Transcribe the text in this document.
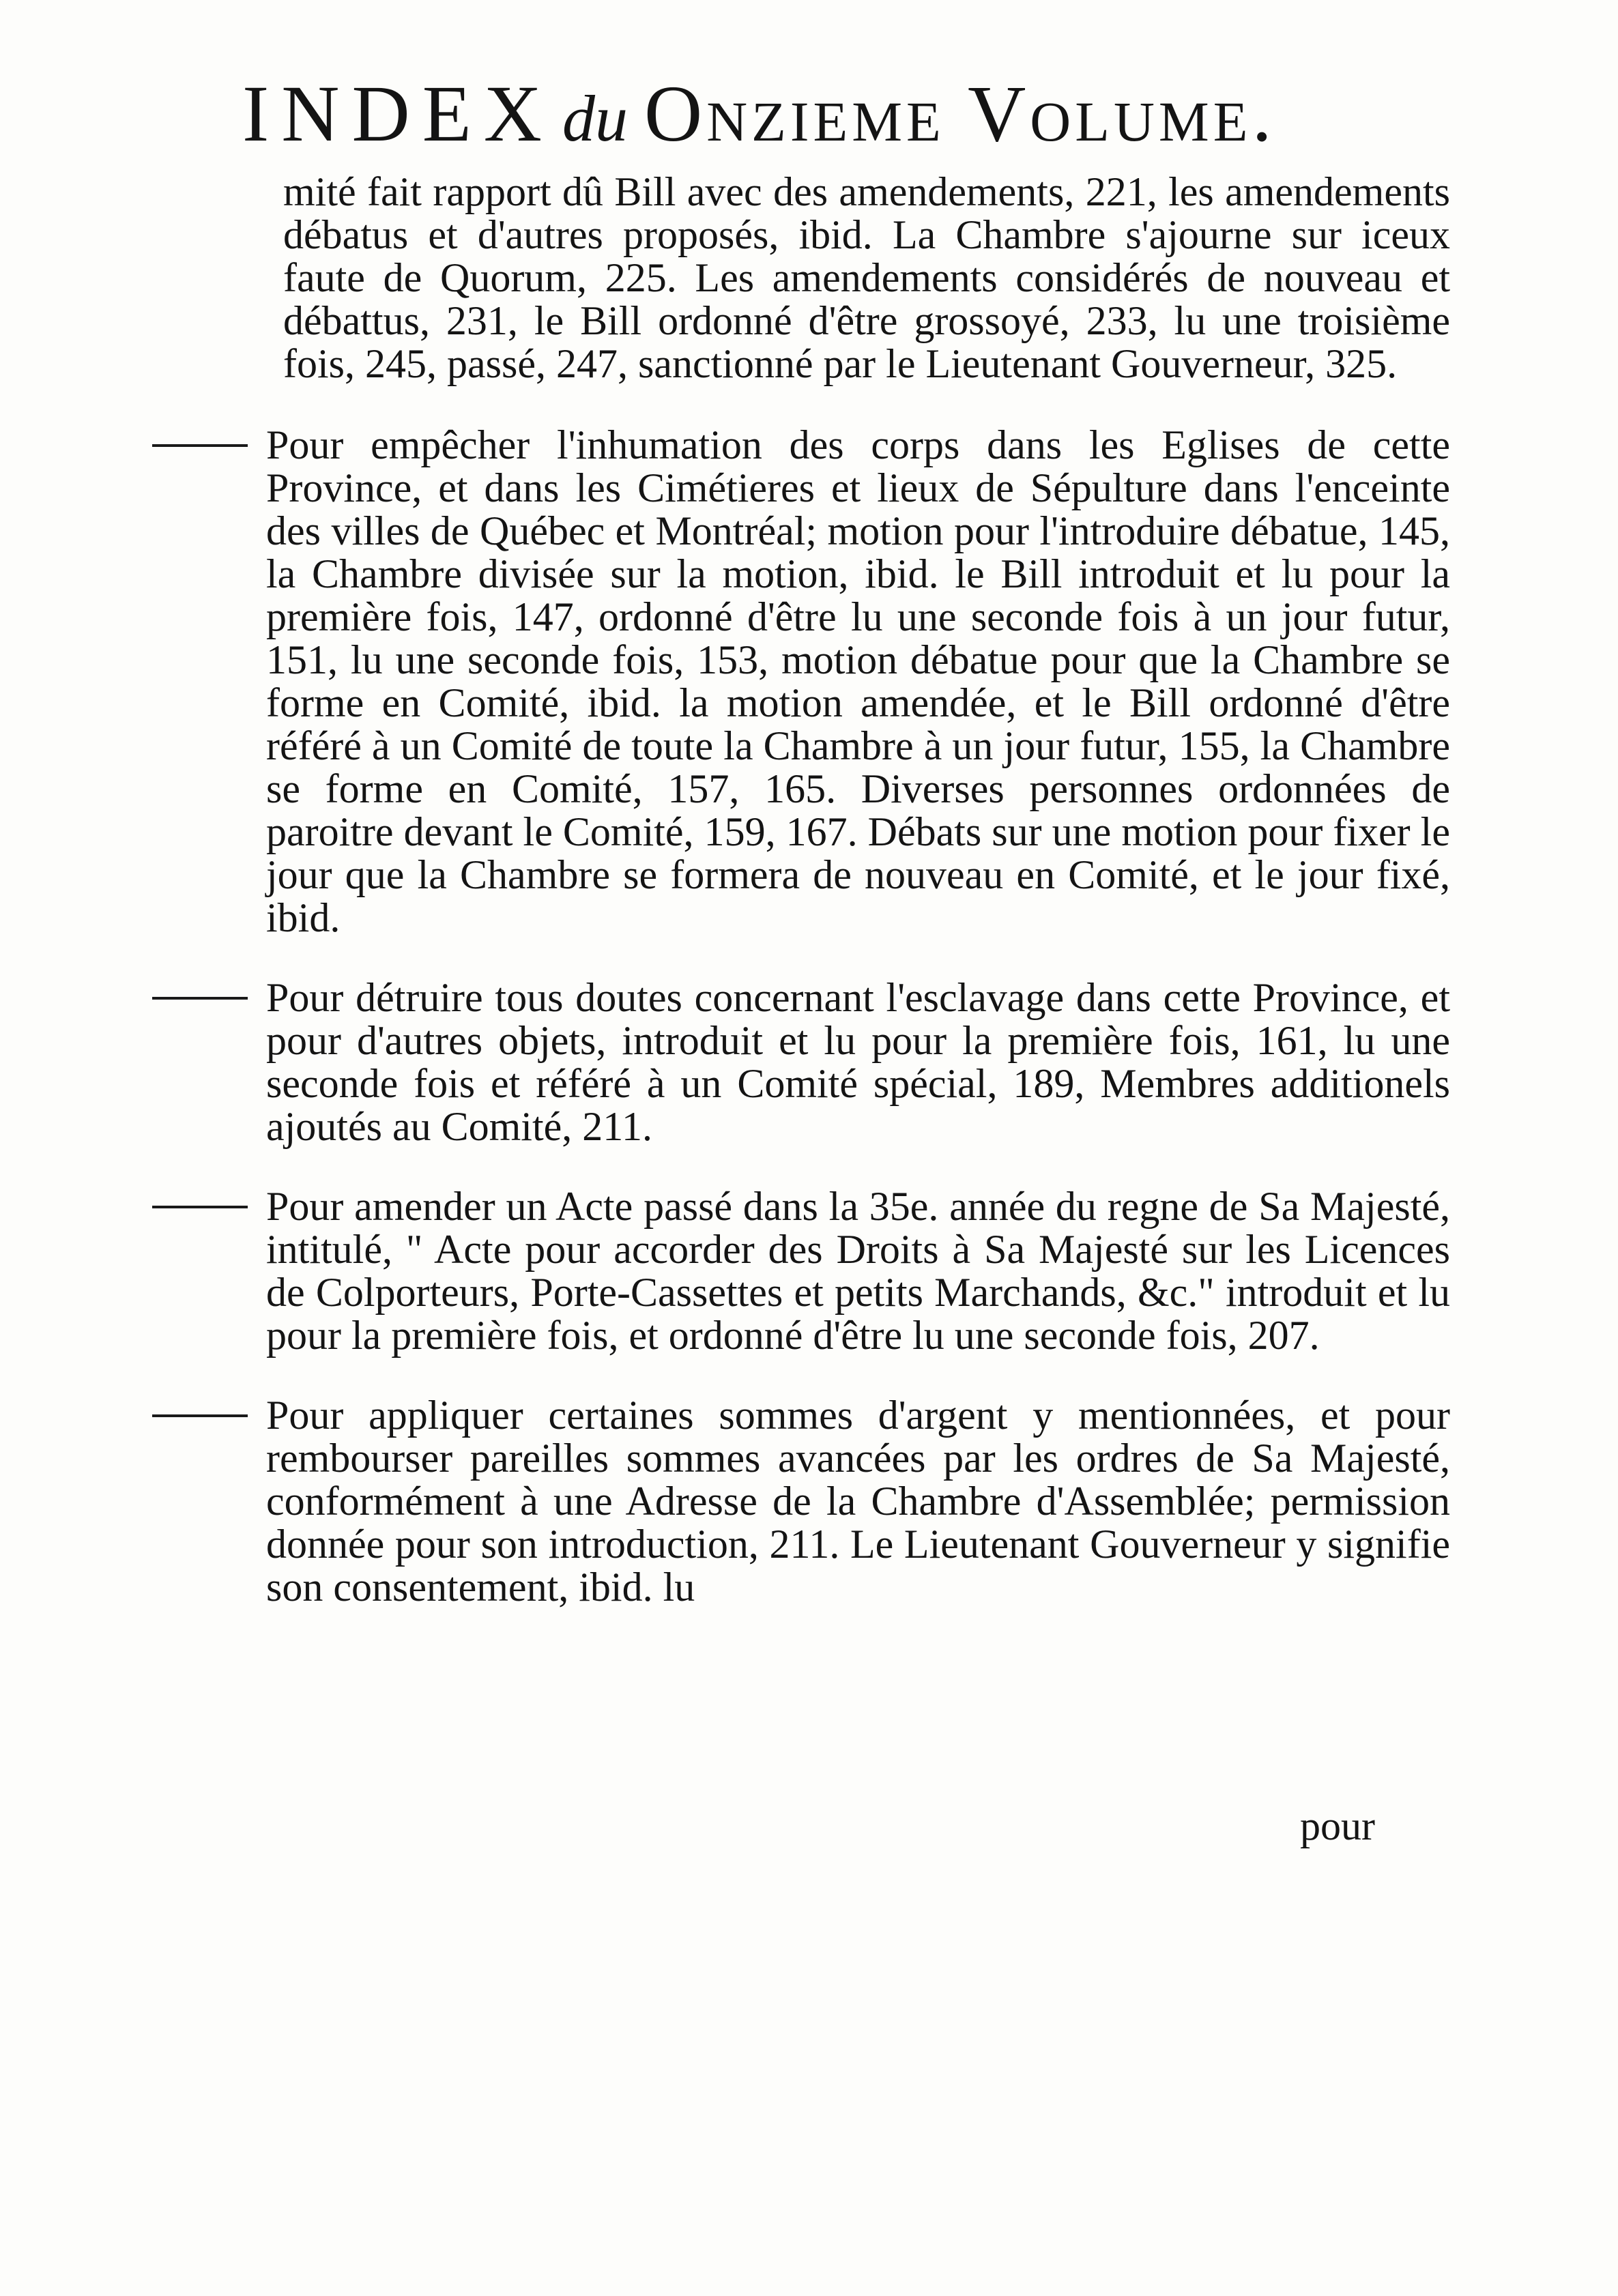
INDEX du Onzieme Volume.
mité fait rapport dû Bill avec des amendements, 221, les amendements débatus et d'autres proposés, ibid. La Chambre s'ajourne sur iceux faute de Quorum, 225. Les amendements considérés de nouveau et débattus, 231, le Bill ordonné d'être grossoyé, 233, lu une troisième fois, 245, passé, 247, sanctionné par le Lieutenant Gouverneur, 325.
Pour empêcher l'inhumation des corps dans les Eglises de cette Province, et dans les Cimétieres et lieux de Sépulture dans l'enceinte des villes de Québec et Montréal; motion pour l'introduire débatue, 145, la Chambre divisée sur la motion, ibid. le Bill introduit et lu pour la première fois, 147, ordonné d'être lu une seconde fois à un jour futur, 151, lu une seconde fois, 153, motion débatue pour que la Chambre se forme en Comité, ibid. la motion amendée, et le Bill ordonné d'être référé à un Comité de toute la Chambre à un jour futur, 155, la Chambre se forme en Comité, 157, 165. Diverses personnes ordonnées de paroitre devant le Comité, 159, 167. Débats sur une motion pour fixer le jour que la Chambre se formera de nouveau en Comité, et le jour fixé, ibid.
Pour détruire tous doutes concernant l'esclavage dans cette Province, et pour d'autres objets, introduit et lu pour la première fois, 161, lu une seconde fois et référé à un Comité spécial, 189, Membres additionels ajoutés au Comité, 211.
Pour amender un Acte passé dans la 35e. année du regne de Sa Majesté, intitulé, " Acte pour accorder des Droits à Sa Majesté sur les Licences de Colporteurs, Porte-Cassettes et petits Marchands, &c." introduit et lu pour la première fois, et ordonné d'être lu une seconde fois, 207.
Pour appliquer certaines sommes d'argent y mentionnées, et pour rembourser pareilles sommes avancées par les ordres de Sa Majesté, conformément à une Adresse de la Chambre d'Assemblée; permission donnée pour son introduction, 211. Le Lieutenant Gouverneur y signifie son consentement, ibid. lu
pour
